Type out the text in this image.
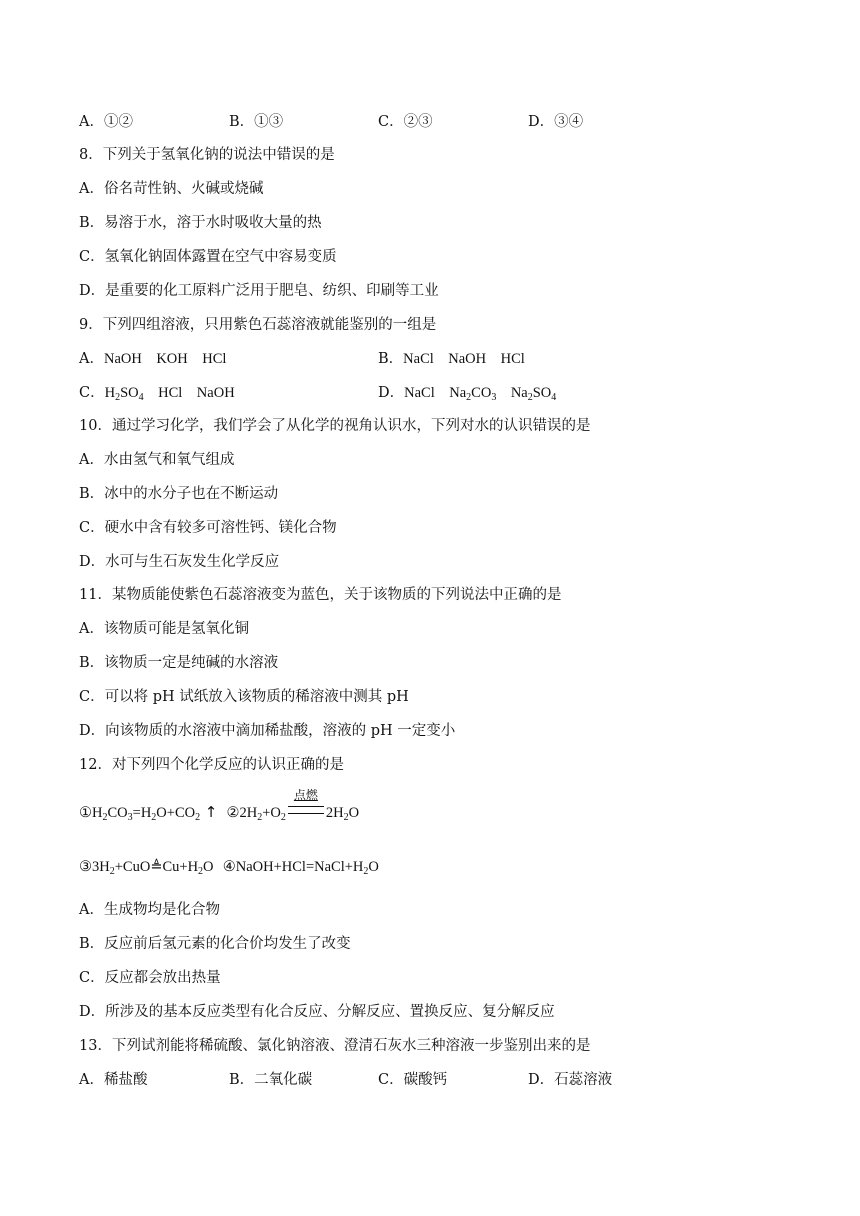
A．①②	B．①③	C．②③	D．③④
8．下列关于氢氧化钠的说法中错误的是
A．俗名苛性钠、火碱或烧碱
B．易溶于水，溶于水时吸收大量的热
C．氢氧化钠固体露置在空气中容易变质
D．是重要的化工原料广泛用于肥皂、纺织、印刷等工业
9．下列四组溶液，只用紫色石蕊溶液就能鉴别的一组是
A．NaOH    KOH    HCl	B．NaCl    NaOH    HCl
C．$H_2SO_4$    HCl    NaOH	D．NaCl    $Na_2CO_3$    $Na_2SO_4$
10．通过学习化学，我们学会了从化学的视角认识水，下列对水的认识错误的是
A．水由氢气和氧气组成
B．冰中的水分子也在不断运动
C．硬水中含有较多可溶性钙、镁化合物
D．水可与生石灰发生化学反应
11．某物质能使紫色石蕊溶液变为蓝色，关于该物质的下列说法中正确的是
A．该物质可能是氢氧化铜
B．该物质一定是纯碱的水溶液
C．可以将 pH 试纸放入该物质的稀溶液中测其 pH
D．向该物质的水溶液中滴加稀盐酸，溶液的 pH 一定变小
12．对下列四个化学反应的认识正确的是
$①H_2CO_3=H_2O+CO_2$ ↑ $②2H_2+O_2$
点燃
$2H_2O$
$③3H_2+CuO≜Cu+H_2O$ $④NaOH+HCl=NaCl+H_2O$
A．生成物均是化合物
B．反应前后氢元素的化合价均发生了改变
C．反应都会放出热量
D．所涉及的基本反应类型有化合反应、分解反应、置换反应、复分解反应
13．下列试剂能将稀硫酸、氯化钠溶液、澄清石灰水三种溶液一步鉴别出来的是
A．稀盐酸	B．二氧化碳	C．碳酸钙	D．石蕊溶液
